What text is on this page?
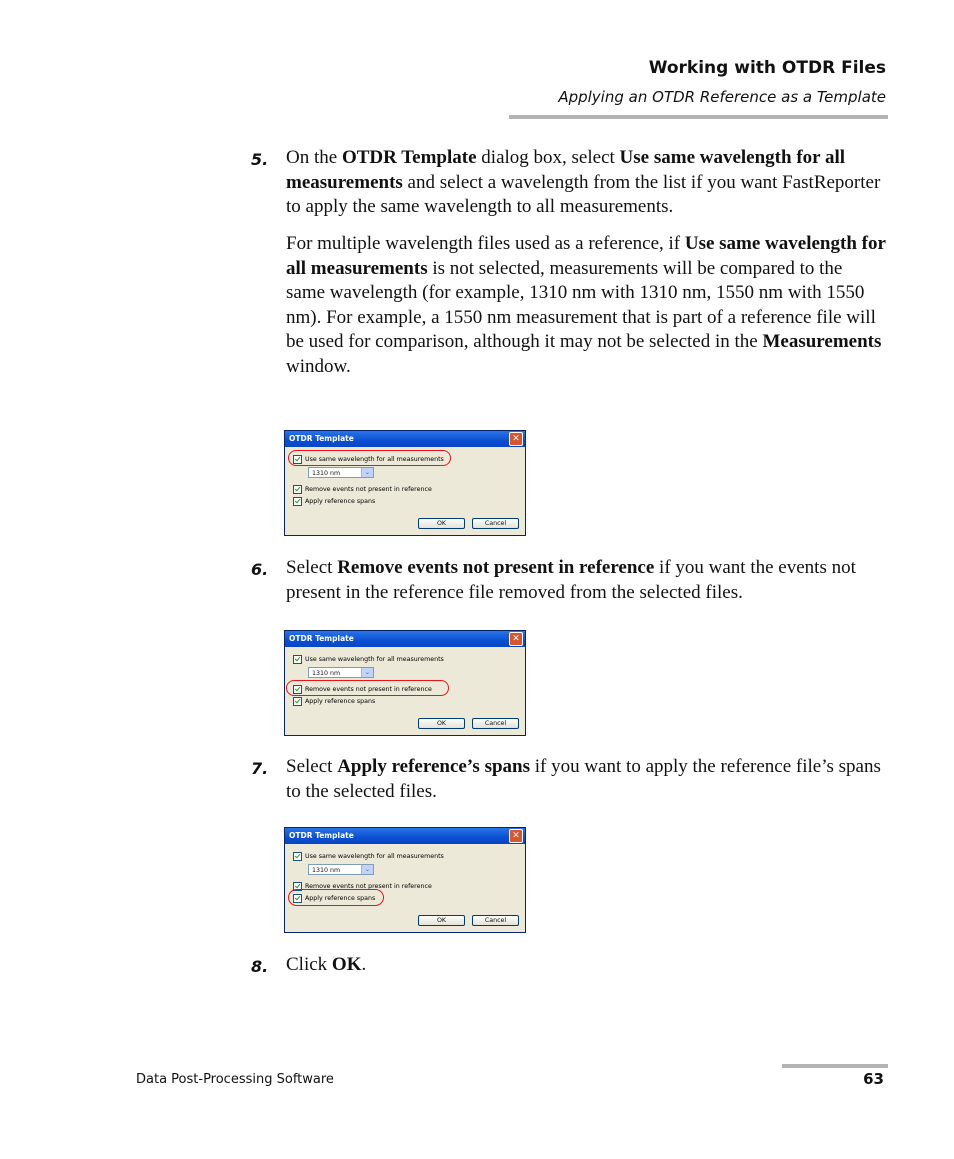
Working with OTDR Files
Applying an OTDR Reference as a Template
5. On the OTDR Template dialog box, select Use same wavelength for all measurements and select a wavelength from the list if you want FastReporter to apply the same wavelength to all measurements.
For multiple wavelength files used as a reference, if Use same wavelength for all measurements is not selected, measurements will be compared to the same wavelength (for example, 1310 nm with 1310 nm, 1550 nm with 1550 nm). For example, a 1550 nm measurement that is part of a reference file will be used for comparison, although it may not be selected in the Measurements window.
OTDR Template	✕
Use same wavelength for all measurements
1310 nm	⌄
Remove events not present in reference
Apply reference spans
OK	Cancel
6. Select Remove events not present in reference if you want the events not present in the reference file removed from the selected files.
OTDR Template	✕
Use same wavelength for all measurements
1310 nm	⌄
Remove events not present in reference
Apply reference spans
OK	Cancel
7. Select Apply reference’s spans if you want to apply the reference file’s spans to the selected files.
OTDR Template	✕
Use same wavelength for all measurements
1310 nm	⌄
Remove events not present in reference
Apply reference spans
OK	Cancel
8. Click OK.
Data Post-Processing Software	63
